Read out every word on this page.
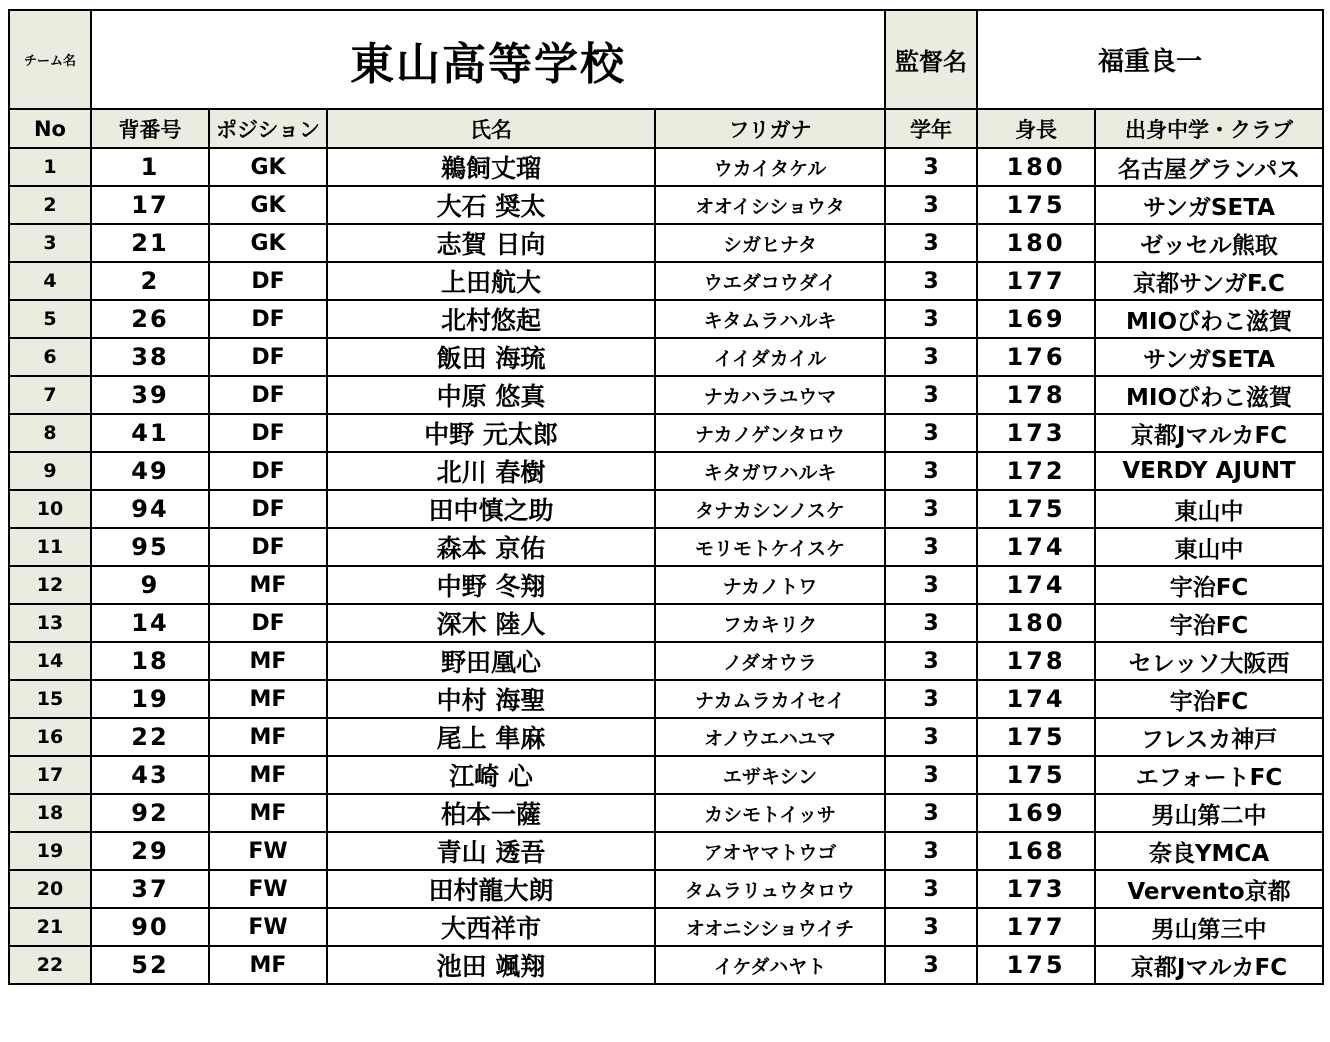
チーム名	東山高等学校				監督名	福重良一	
No	背番号	ポジション	氏名	フリガナ	学年	身長	出身中学・クラブ
1	1	GK	鵜飼丈瑠	ウカイタケル	3	180	名古屋グランパス
2	17	GK	大石 奨太	オオイシショウタ	3	175	サンガSETA
3	21	GK	志賀 日向	シガヒナタ	3	180	ゼッセル熊取
4	2	DF	上田航大	ウエダコウダイ	3	177	京都サンガF.C
5	26	DF	北村悠起	キタムラハルキ	3	169	MIOびわこ滋賀
6	38	DF	飯田 海琉	イイダカイル	3	176	サンガSETA
7	39	DF	中原 悠真	ナカハラユウマ	3	178	MIOびわこ滋賀
8	41	DF	中野 元太郎	ナカノゲンタロウ	3	173	京都JマルカFC
9	49	DF	北川 春樹	キタガワハルキ	3	172	VERDY AJUNT
10	94	DF	田中慎之助	タナカシンノスケ	3	175	東山中
11	95	DF	森本 京佑	モリモトケイスケ	3	174	東山中
12	9	MF	中野 冬翔	ナカノトワ	3	174	宇治FC
13	14	DF	深木 陸人	フカキリク	3	180	宇治FC
14	18	MF	野田凰心	ノダオウラ	3	178	セレッソ大阪西
15	19	MF	中村 海聖	ナカムラカイセイ	3	174	宇治FC
16	22	MF	尾上 隼麻	オノウエハユマ	3	175	フレスカ神戸
17	43	MF	江崎 心	エザキシン	3	175	エフォートFC
18	92	MF	柏本一薩	カシモトイッサ	3	169	男山第二中
19	29	FW	青山 透吾	アオヤマトウゴ	3	168	奈良YMCA
20	37	FW	田村龍大朗	タムラリュウタロウ	3	173	Vervento京都
21	90	FW	大西祥市	オオニシショウイチ	3	177	男山第三中
22	52	MF	池田 颯翔	イケダハヤト	3	175	京都JマルカFC
